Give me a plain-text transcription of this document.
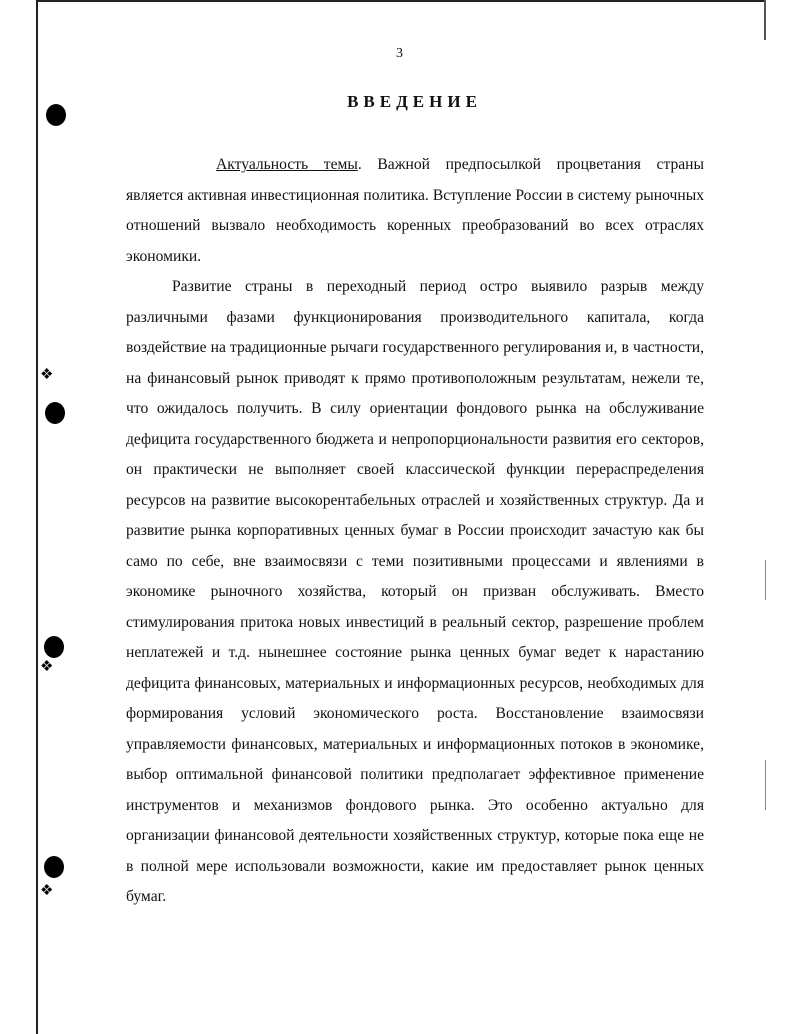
❖
❖
❖
3
ВВЕДЕНИЕ

Актуальность темы. Важной предпосылкой процветания страны является активная инвестиционная политика. Вступление России в систему рыночных отношений вызвало необходимость коренных преобразований во всех отраслях экономики.

Развитие страны в переходный период остро выявило разрыв между различными фазами функционирования производительного капитала, когда воздействие на традиционные рычаги государственного регулирования и, в частности, на финансовый рынок приводят к прямо противоположным результатам, нежели те, что ожидалось получить. В силу ориентации фондового рынка на обслуживание дефицита государственного бюджета и непропорциональности развития его секторов, он практически не выполняет своей классической функции перераспределения ресурсов на развитие высокорентабельных отраслей и хозяйственных структур. Да и развитие рынка корпоративных ценных бумаг в России происходит зачастую как бы само по себе, вне взаимосвязи с теми позитивными процессами и явлениями в экономике рыночного хозяйства, который он призван обслуживать. Вместо стимулирования притока новых инвестиций в реальный сектор, разрешение проблем неплатежей и т.д. нынешнее состояние рынка ценных бумаг ведет к нарастанию дефицита финансовых, материальных и информационных ресурсов, необходимых для формирования условий экономического роста. Восстановление взаимосвязи управляемости финансовых, материальных и информационных потоков в экономике, выбор оптимальной финансовой политики предполагает эффективное применение инструментов и механизмов фондового рынка. Это особенно актуально для организации финансовой деятельности хозяйственных структур, которые пока еще не в полной мере использовали возможности, какие им предоставляет рынок ценных бумаг.
